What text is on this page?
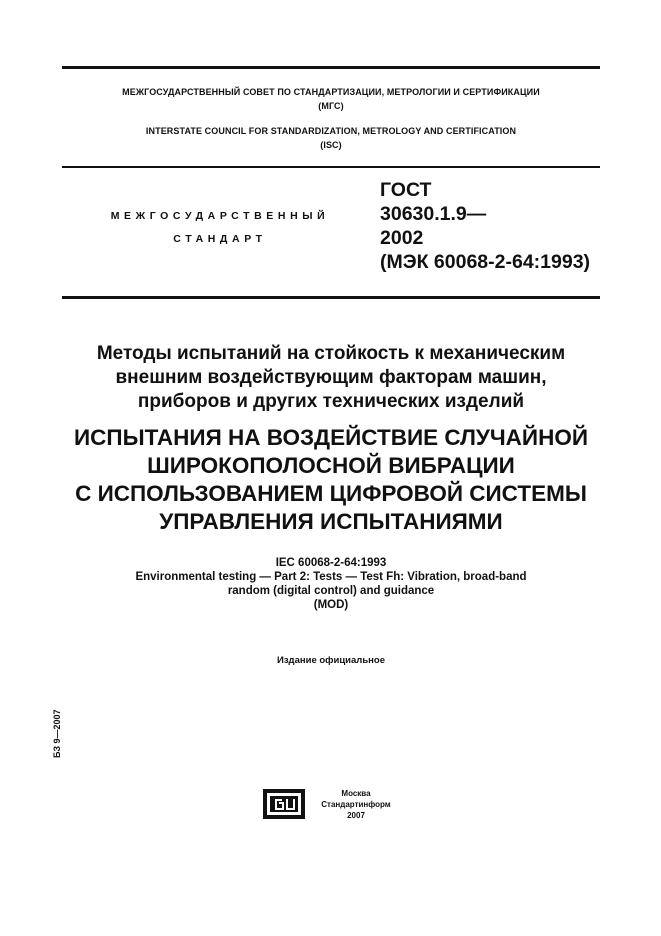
МЕЖГОСУДАРСТВЕННЫЙ СОВЕТ ПО СТАНДАРТИЗАЦИИ, МЕТРОЛОГИИ И СЕРТИФИКАЦИИ
(МГС)
INTERSTATE COUNCIL FOR STANDARDIZATION, METROLOGY AND CERTIFICATION
(ISC)
МЕЖГОСУДАРСТВЕННЫЙ
СТАНДАРТ
ГОСТ
30630.1.9—
2002
(МЭК 60068-2-64:1993)
Методы испытаний на стойкость к механическим
внешним воздействующим факторам машин,
приборов и других технических изделий
ИСПЫТАНИЯ НА ВОЗДЕЙСТВИЕ СЛУЧАЙНОЙ
ШИРОКОПОЛОСНОЙ ВИБРАЦИИ
С ИСПОЛЬЗОВАНИЕМ ЦИФРОВОЙ СИСТЕМЫ
УПРАВЛЕНИЯ ИСПЫТАНИЯМИ
IEC 60068-2-64:1993
Environmental testing — Part 2: Tests — Test Fh: Vibration, broad-band
random (digital control) and guidance
(MOD)
Издание официальное
БЗ 9—2007
Москва
Стандартинформ
2007
